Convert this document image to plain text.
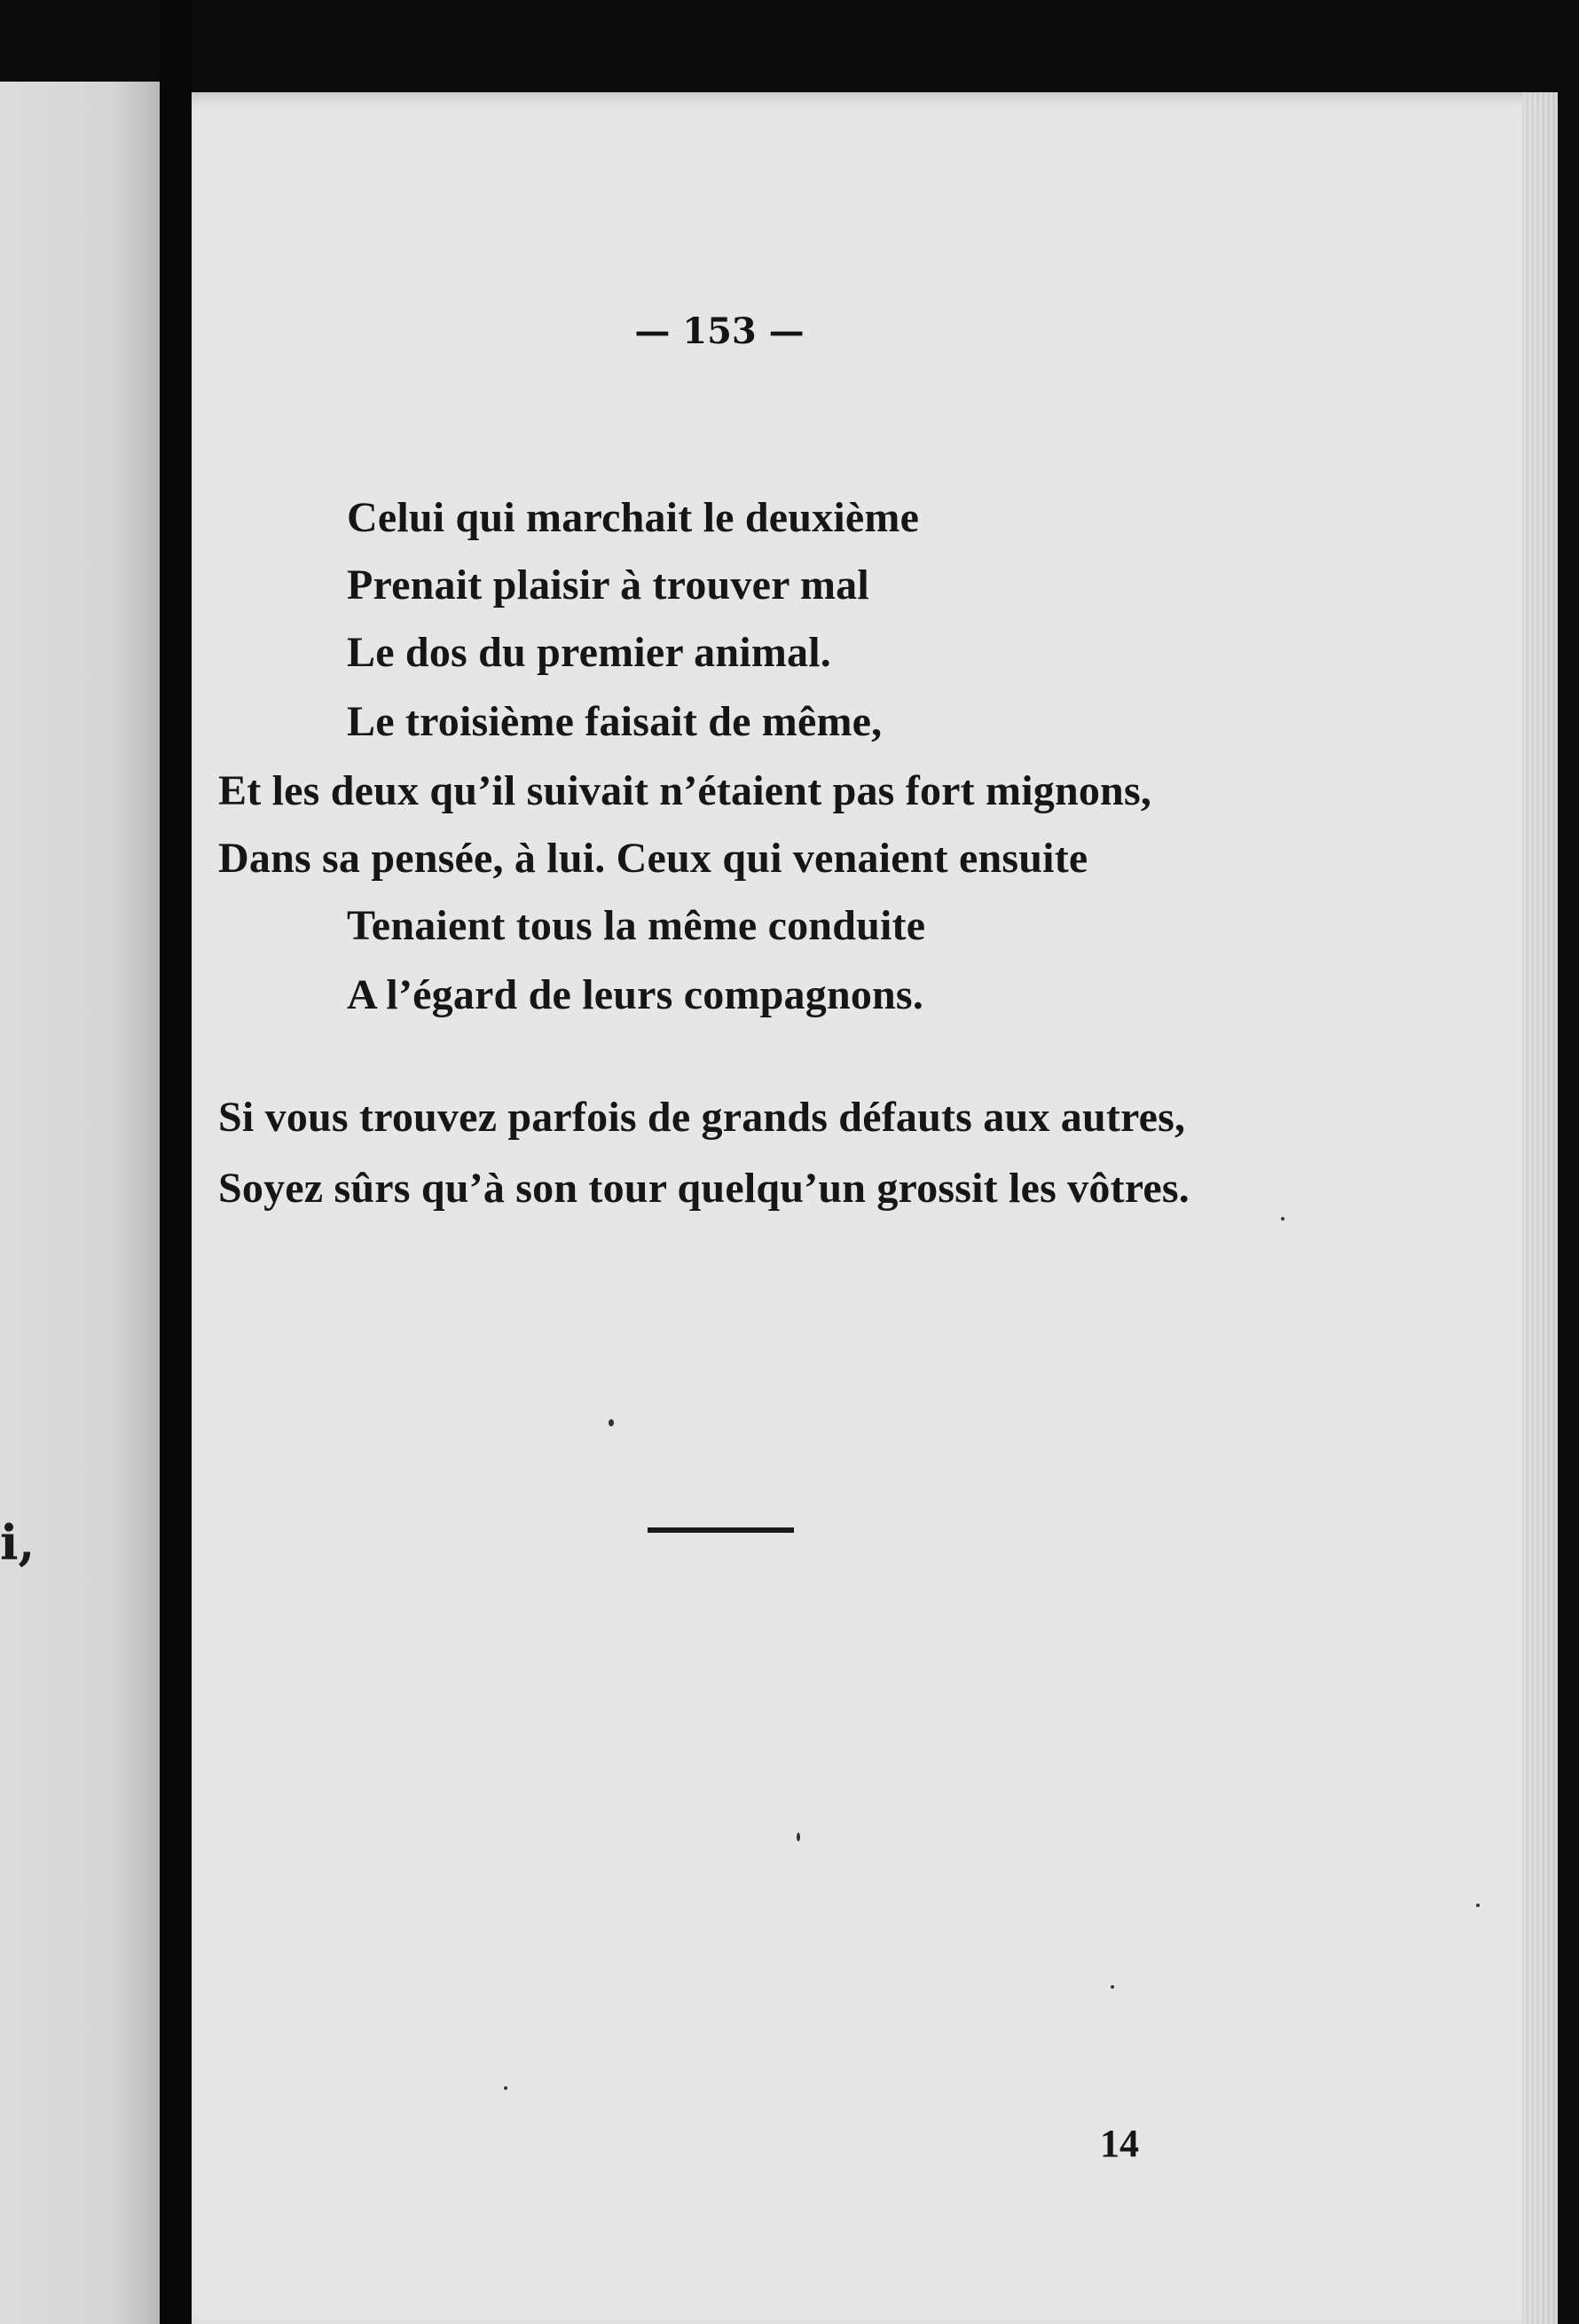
i,
— 153 —
Celui qui marchait le deuxième
Prenait plaisir à trouver mal
Le dos du premier animal.
Le troisième faisait de même,
Et les deux qu’il suivait n’étaient pas fort mignons,
Dans sa pensée, à lui. Ceux qui venaient ensuite
Tenaient tous la même conduite
A l’égard de leurs compagnons.
Si vous trouvez parfois de grands défauts aux autres,
Soyez sûrs qu’à son tour quelqu’un grossit les vôtres.
14
